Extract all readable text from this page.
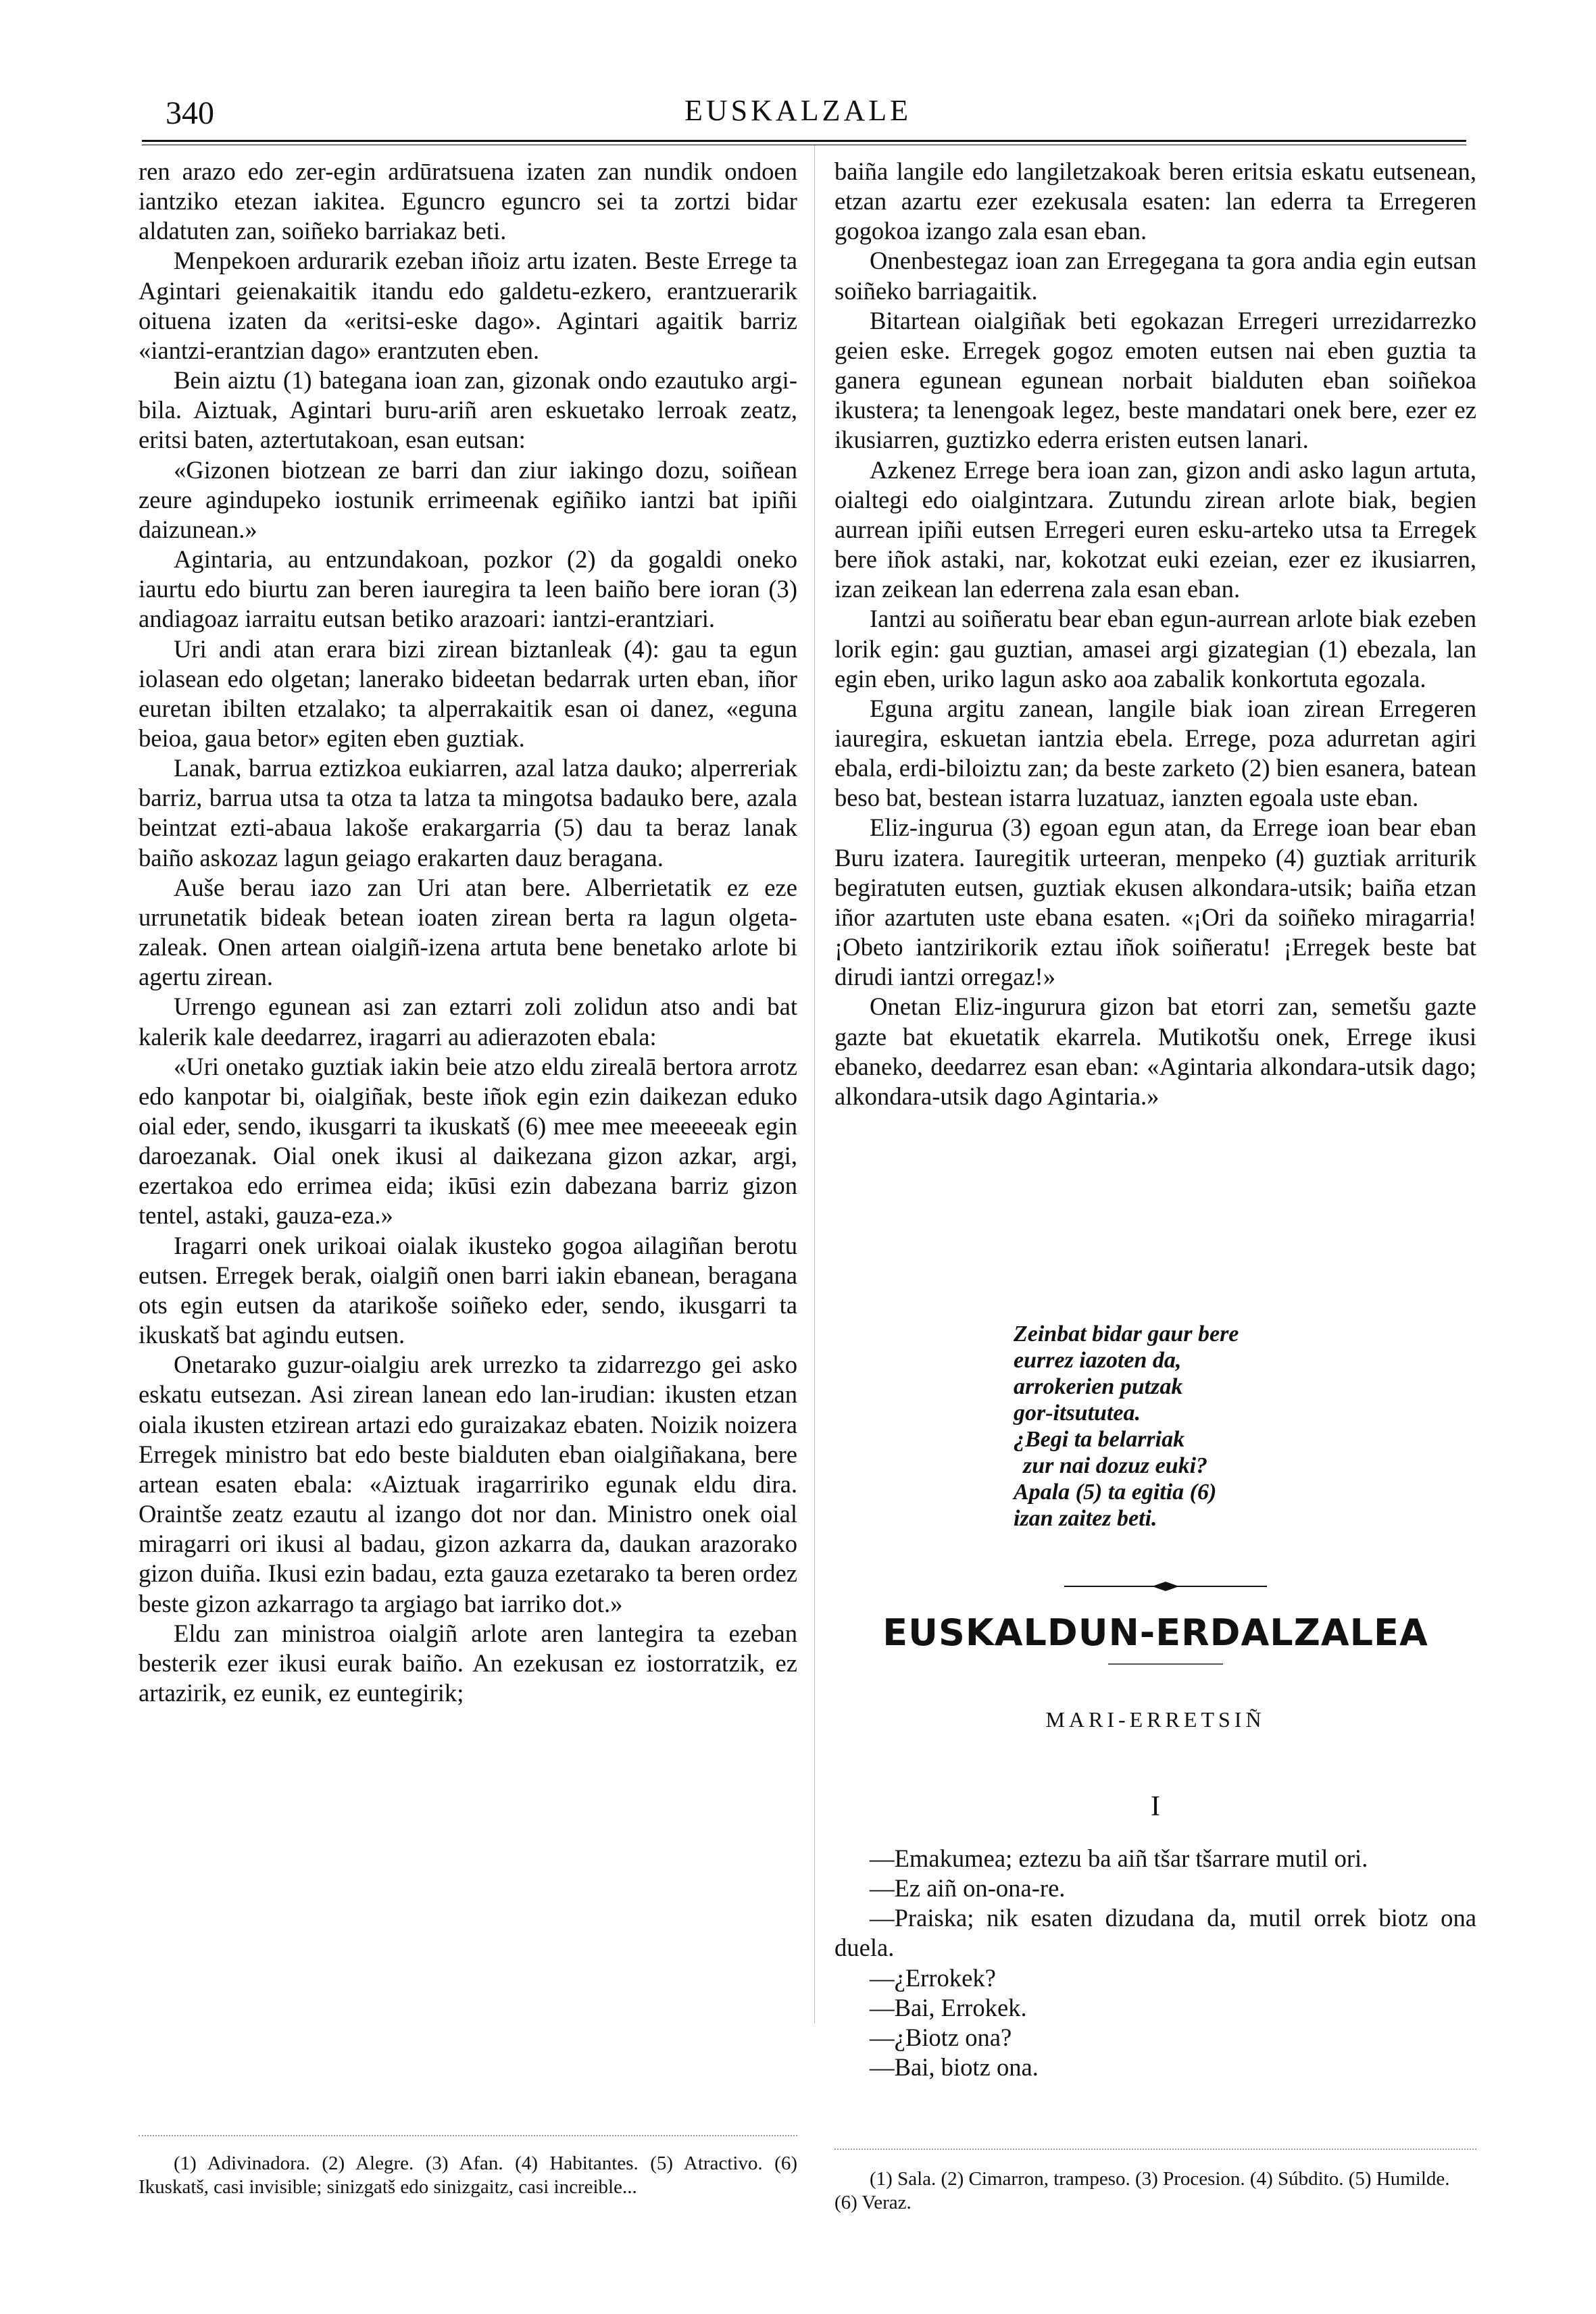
340	EUSKALZALE

ren arazo edo zer-egin ardūratsuena izaten zan nundik ondoen iantziko etezan iakitea. Eguncro eguncro sei ta zortzi bidar aldatuten zan, soiñeko barriakaz beti.

Menpekoen ardurarik ezeban iñoiz artu izaten. Beste Errege ta Agintari geienakaitik itandu edo galdetu-ezkero, erantzuerarik oituena izaten da «eritsi-eske dago». Agintari agaitik barriz «iantzi-erantzian dago» erantzuten eben.

Bein aiztu (1) bategana ioan zan, gizonak ondo ezautuko argi-bila. Aiztuak, Agintari buru-ariñ aren eskuetako lerroak zeatz, eritsi baten, aztertutakoan, esan eutsan:

«Gizonen biotzean ze barri dan ziur iakingo dozu, soiñean zeure agindupeko iostunik errimeenak egiñiko iantzi bat ipiñi daizunean.»

Agintaria, au entzundakoan, pozkor (2) da gogaldi oneko iaurtu edo biurtu zan beren iauregira ta leen baiño bere ioran (3) andiagoaz iarraitu eutsan betiko arazoari: iantzi-erantziari.

Uri andi atan erara bizi zirean biztanleak (4): gau ta egun iolasean edo olgetan; lanerako bideetan bedarrak urten eban, iñor euretan ibilten etzalako; ta alperrakaitik esan oi danez, «eguna beioa, gaua betor» egiten eben guztiak.

Lanak, barrua eztizkoa eukiarren, azal latza dauko; alperreriak barriz, barrua utsa ta otza ta latza ta mingotsa badauko bere, azala beintzat ezti-abaua lakoše erakargarria (5) dau ta beraz lanak baiño askozaz lagun geiago erakarten dauz beragana.

Auše berau iazo zan Uri atan bere. Alberrietatik ez eze urrunetatik bideak betean ioaten zirean berta ra lagun olgeta-zaleak. Onen artean oialgiñ-izena artuta bene benetako arlote bi agertu zirean.

Urrengo egunean asi zan eztarri zoli zolidun atso andi bat kalerik kale deedarrez, iragarri au adierazoten ebala:

«Uri onetako guztiak iakin beie atzo eldu zirealā bertora arrotz edo kanpotar bi, oialgiñak, beste iñok egin ezin daikezan eduko oial eder, sendo, ikusgarri ta ikuskatš (6) mee mee meeeeeak egin daroezanak. Oial onek ikusi al daikezana gizon azkar, argi, ezertakoa edo errimea eida; ikūsi ezin dabezana barriz gizon tentel, astaki, gauza-eza.»

Iragarri onek urikoai oialak ikusteko gogoa ailagiñan berotu eutsen. Erregek berak, oialgiñ onen barri iakin ebanean, beragana ots egin eutsen da atarikoše soiñeko eder, sendo, ikusgarri ta ikuskatš bat agindu eutsen.

Onetarako guzur-oialgiu arek urrezko ta zidarrezgo gei asko eskatu eutsezan. Asi zirean lanean edo lan-irudian: ikusten etzan oiala ikusten etzirean artazi edo guraizakaz ebaten. Noizik noizera Erregek ministro bat edo beste bialduten eban oialgiñakana, bere artean esaten ebala: «Aiztuak iragarririko egunak eldu dira. Oraintše zeatz ezautu al izango dot nor dan. Ministro onek oial miragarri ori ikusi al badau, gizon azkarra da, daukan arazorako gizon duiña. Ikusi ezin badau, ezta gauza ezetarako ta beren ordez beste gizon azkarrago ta argiago bat iarriko dot.»

Eldu zan ministroa oialgiñ arlote aren lantegira ta ezeban besterik ezer ikusi eurak baiño. An ezekusan ez iostorratzik, ez artazirik, ez eunik, ez euntegirik;

baiña langile edo langiletzakoak beren eritsia eskatu eutsenean, etzan azartu ezer ezekusala esaten: lan ederra ta Erregeren gogokoa izango zala esan eban.

Onenbestegaz ioan zan Erregegana ta gora andia egin eutsan soiñeko barriagaitik.

Bitartean oialgiñak beti egokazan Erregeri urrezidarrezko geien eske. Erregek gogoz emoten eutsen nai eben guztia ta ganera egunean egunean norbait bialduten eban soiñekoa ikustera; ta lenengoak legez, beste mandatari onek bere, ezer ez ikusiarren, guztizko ederra eristen eutsen lanari.

Azkenez Errege bera ioan zan, gizon andi asko lagun artuta, oialtegi edo oialgintzara. Zutundu zirean arlote biak, begien aurrean ipiñi eutsen Erregeri euren esku-arteko utsa ta Erregek bere iñok astaki, nar, kokotzat euki ezeian, ezer ez ikusiarren, izan zeikean lan ederrena zala esan eban.

Iantzi au soiñeratu bear eban egun-aurrean arlote biak ezeben lorik egin: gau guztian, amasei argi gizategian (1) ebezala, lan egin eben, uriko lagun asko aoa zabalik konkortuta egozala.

Eguna argitu zanean, langile biak ioan zirean Erregeren iauregira, eskuetan iantzia ebela. Errege, poza adurretan agiri ebala, erdi-biloiztu zan; da beste zarketo (2) bien esanera, batean beso bat, bestean istarra luzatuaz, ianzten egoala uste eban.

Eliz-ingurua (3) egoan egun atan, da Errege ioan bear eban Buru izatera. Iauregitik urteeran, menpeko (4) guztiak arriturik begiratuten eutsen, guztiak ekusen alkondara-utsik; baiña etzan iñor azartuten uste ebana esaten. «¡Ori da soiñeko miragarria! ¡Obeto iantzirikorik eztau iñok soiñeratu! ¡Erregek beste bat dirudi iantzi orregaz!»

Onetan Eliz-ingurura gizon bat etorri zan, semetšu gazte gazte bat ekuetatik ekarrela. Mutikotšu onek, Errege ikusi ebaneko, deedarrez esan eban: «Agintaria alkondara-utsik dago; alkondara-utsik dago Agintaria.»

Zeinbat bidar gaur bere
eurrez iazoten da,
arrokerien putzak
gor-itsututea.
¿Begi ta belarriak
zur nai dozuz euki?
Apala (5) ta egitia (6)
izan zaitez beti.
EUSKALDUN-ERDALZALEA
MARI-ERRETSIÑ
I
—Emakumea; eztezu ba aiñ tšar tšarrare mutil ori.
—Ez aiñ on-ona-re.
—Praiska; nik esaten dizudana da, mutil orrek biotz ona duela.
—¿Errokek?
—Bai, Errokek.
—¿Biotz ona?
—Bai, biotz ona.

(1) Adivinadora. (2) Alegre. (3) Afan. (4) Habitantes. (5) Atractivo. (6) Ikuskatš, casi invisible; sinizgatš edo sinizgaitz, casi increible...	(1) Sala. (2) Cimarron, trampeso. (3) Procesion. (4) Súbdito. (5) Humilde. (6) Veraz.
